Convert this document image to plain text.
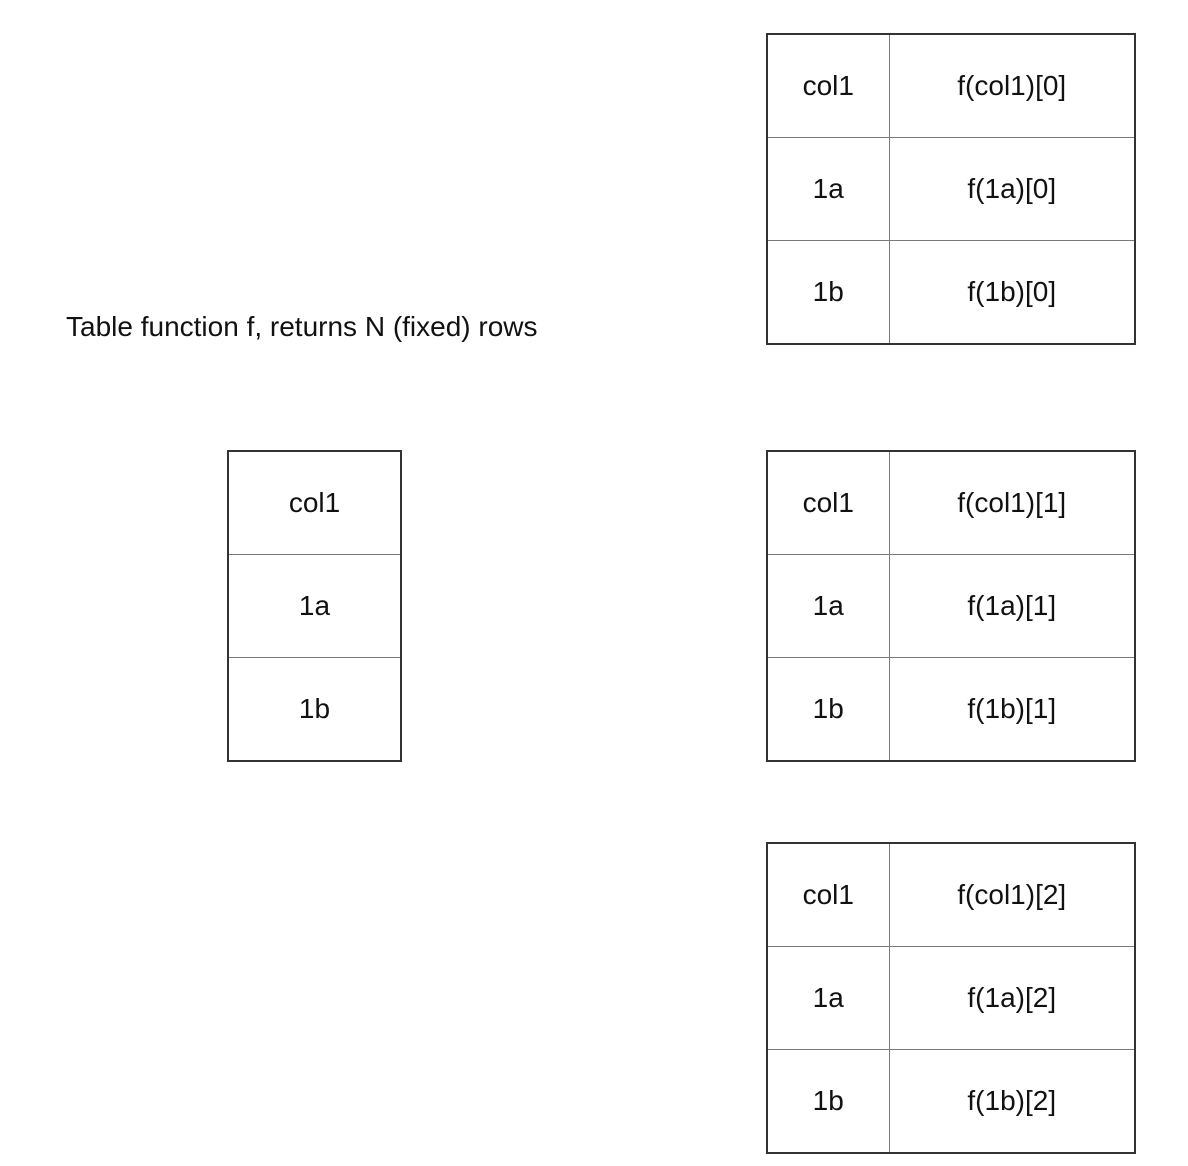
Table function f, returns N (fixed) rows
col1
1a
1b
col1	f(col1)[0]
1a	f(1a)[0]
1b	f(1b)[0]
col1	f(col1)[1]
1a	f(1a)[1]
1b	f(1b)[1]
col1	f(col1)[2]
1a	f(1a)[2]
1b	f(1b)[2]
